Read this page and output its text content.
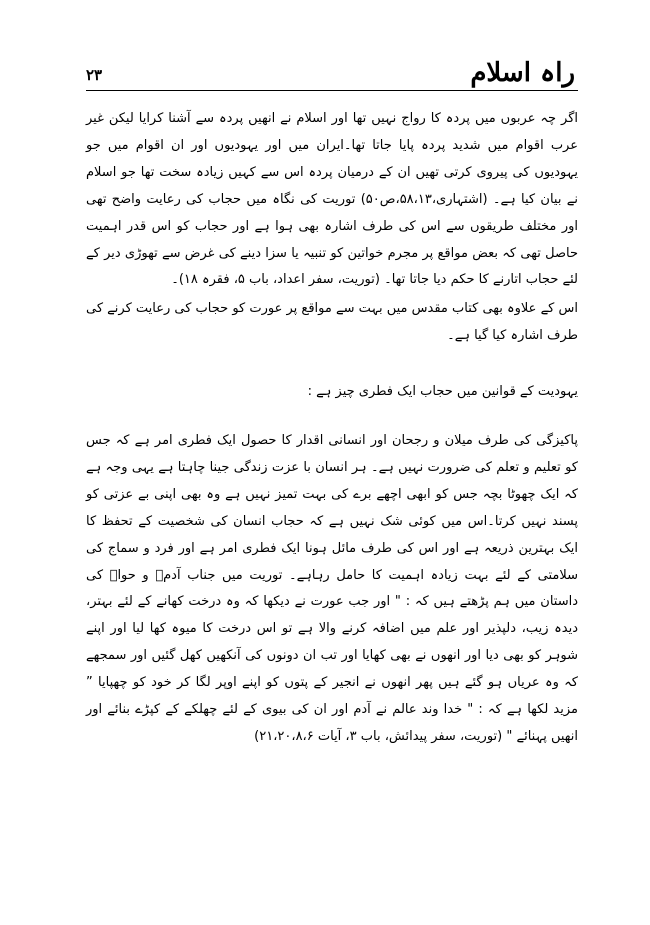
راہ اسلام
۲۳
اگر چہ عربوں میں پردہ کا رواج نہیں تھا اور اسلام نے انھیں پردہ سے آشنا کرایا لیکن غیر عرب اقوام میں شدید پردہ پایا جاتا تھا۔ایران میں اور یہودیوں اور ان اقوام میں جو یہودیوں کی پیروی کرتی تھیں ان کے درمیان پردہ اس سے کہیں زیادہ سخت تھا جو اسلام نے بیان کیا ہے۔ (اشتہاری،۵۸،۱۳،ص۵۰) توریت کی نگاہ میں حجاب کی رعایت واضح تھی اور مختلف طریقوں سے اس کی طرف اشارہ بھی ہوا ہے اور حجاب کو اس قدر اہمیت حاصل تھی کہ بعض مواقع پر مجرم خواتین کو تنبیہ یا سزا دینے کی غرض سے تھوڑی دیر کے لئے حجاب اتارنے کا حکم دیا جاتا تھا۔ (توریت، سفر اعداد، باب ۵، فقرہ ۱۸)۔
اس کے علاوہ بھی کتاب مقدس میں بہت سے مواقع پر عورت کو حجاب کی رعایت کرنے کی طرف اشارہ کیا گیا ہے۔
یہودیت کے قوانین میں حجاب ایک فطری چیز ہے :
پاکیزگی کی طرف میلان و رجحان اور انسانی اقدار کا حصول ایک فطری امر ہے کہ جس کو تعلیم و تعلم کی ضرورت نہیں ہے۔ ہر انسان با عزت زندگی جینا چاہتا ہے یہی وجہ ہے کہ ایک چھوٹا بچہ جس کو ابھی اچھے برے کی بہت تمیز نہیں ہے وہ بھی اپنی بے عزتی کو پسند نہیں کرتا۔اس میں کوئی شک نہیں ہے کہ حجاب انسان کی شخصیت کے تحفظ کا ایک بہترین ذریعہ ہے اور اس کی طرف مائل ہونا ایک فطری امر ہے اور فرد و سماج کی سلامتی کے لئے بہت زیادہ اہمیت کا حامل رہاہے۔ توریت میں جناب آدمؑ و حواؑ کی داستان میں ہم پڑھتے ہیں کہ : " اور جب عورت نے دیکھا کہ وہ درخت کھانے کے لئے بہتر، دیدہ زیب، دلپذیر اور علم میں اضافہ کرنے والا ہے تو اس درخت کا میوہ کھا لیا اور اپنے شوہر کو بھی دیا اور انھوں نے بھی کھایا اور تب ان دونوں کی آنکھیں کھل گئیں اور سمجھے کہ وہ عریاں ہو گئے ہیں پھر انھوں نے انجیر کے پتوں کو اپنے اوپر لگا کر خود کو چھپایا ” مزید لکھا ہے کہ : " خدا وند عالم نے آدم اور ان کی بیوی کے لئے چھلکے کے کپڑے بنائے اور انھیں پہنائے " (توریت، سفر پیدائش، باب ۳، آیات ۲۱،۲۰،۸،۶)
